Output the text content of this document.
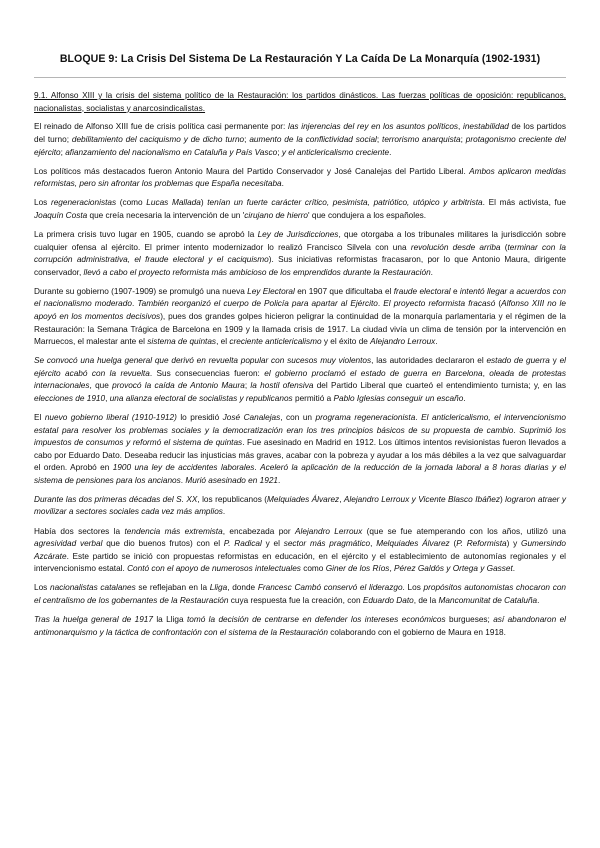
BLOQUE 9: La Crisis Del Sistema De La Restauración Y La Caída De La Monarquía (1902-1931)

9.1. Alfonso XIII y la crisis del sistema político de la Restauración: los partidos dinásticos. Las fuerzas políticas de oposición: republicanos, nacionalistas, socialistas y anarcosindicalistas.

El reinado de Alfonso XIII fue de crisis política casi permanente por: las injerencias del rey en los asuntos políticos, inestabilidad de los partidos del turno; debilitamiento del caciquismo y de dicho turno; aumento de la conflictividad social; terrorismo anarquista; protagonismo creciente del ejército; afianzamiento del nacionalismo en Cataluña y País Vasco; y el anticlericalismo creciente.

Los políticos más destacados fueron Antonio Maura del Partido Conservador y José Canalejas del Partido Liberal. Ambos aplicaron medidas reformistas, pero sin afrontar los problemas que España necesitaba.

Los regeneracionistas (como Lucas Mallada) tenían un fuerte carácter crítico, pesimista, patriótico, utópico y arbitrista. El más activista, fue Joaquín Costa que creía necesaria la intervención de un 'cirujano de hierro' que condujera a los españoles.

La primera crisis tuvo lugar en 1905, cuando se aprobó la Ley de Jurisdicciones, que otorgaba a los tribunales militares la jurisdicción sobre cualquier ofensa al ejército. El primer intento modernizador lo realizó Francisco Silvela con una revolución desde arriba (terminar con la corrupción administrativa, el fraude electoral y el caciquismo). Sus iniciativas reformistas fracasaron, por lo que Antonio Maura, dirigente conservador, llevó a cabo el proyecto reformista más ambicioso de los emprendidos durante la Restauración.

Durante su gobierno (1907-1909) se promulgó una nueva Ley Electoral en 1907 que dificultaba el fraude electoral e intentó llegar a acuerdos con el nacionalismo moderado. También reorganizó el cuerpo de Policía para apartar al Ejército. El proyecto reformista fracasó (Alfonso XIII no le apoyó en los momentos decisivos), pues dos grandes golpes hicieron peligrar la continuidad de la monarquía parlamentaria y el régimen de la Restauración: la Semana Trágica de Barcelona en 1909 y la llamada crisis de 1917. La ciudad vivía un clima de tensión por la intervención en Marruecos, el malestar ante el sistema de quintas, el creciente anticlericalismo y el éxito de Alejandro Lerroux.

Se convocó una huelga general que derivó en revuelta popular con sucesos muy violentos, las autoridades declararon el estado de guerra y el ejército acabó con la revuelta. Sus consecuencias fueron: el gobierno proclamó el estado de guerra en Barcelona, oleada de protestas internacionales, que provocó la caída de Antonio Maura; la hostil ofensiva del Partido Liberal que cuarteó el entendimiento turnista; y, en las elecciones de 1910, una alianza electoral de socialistas y republicanos permitió a Pablo Iglesias conseguir un escaño.

El nuevo gobierno liberal (1910-1912) lo presidió José Canalejas, con un programa regeneracionista. El anticlericalismo, el intervencionismo estatal para resolver los problemas sociales y la democratización eran los tres principios básicos de su propuesta de cambio. Suprimió los impuestos de consumos y reformó el sistema de quintas. Fue asesinado en Madrid en 1912. Los últimos intentos revisionistas fueron llevados a cabo por Eduardo Dato. Deseaba reducir las injusticias más graves, acabar con la pobreza y ayudar a los más débiles a la vez que salvaguardar el orden. Aprobó en 1900 una ley de accidentes laborales. Aceleró la aplicación de la reducción de la jornada laboral a 8 horas diarias y el sistema de pensiones para los ancianos. Murió asesinado en 1921.

Durante las dos primeras décadas del S. XX, los republicanos (Melquiades Álvarez, Alejandro Lerroux y Vicente Blasco Ibáñez) lograron atraer y movilizar a sectores sociales cada vez más amplios.

Había dos sectores la tendencia más extremista, encabezada por Alejandro Lerroux (que se fue atemperando con los años, utilizó una agresividad verbal que dio buenos frutos) con el P. Radical y el sector más pragmático, Melquiades Álvarez (P. Reformista) y Gumersindo Azcárate. Este partido se inició con propuestas reformistas en educación, en el ejército y el establecimiento de autonomías regionales y el intervencionismo estatal. Contó con el apoyo de numerosos intelectuales como Giner de los Ríos, Pérez Galdós y Ortega y Gasset.

Los nacionalistas catalanes se reflejaban en la Lliga, donde Francesc Cambó conservó el liderazgo. Los propósitos autonomistas chocaron con el centralismo de los gobernantes de la Restauración cuya respuesta fue la creación, con Eduardo Dato, de la Mancomunitat de Cataluña.

Tras la huelga general de 1917 la Lliga tomó la decisión de centrarse en defender los intereses económicos burgueses; así abandonaron el antimonarquismo y la táctica de confrontación con el sistema de la Restauración colaborando con el gobierno de Maura en 1918.
